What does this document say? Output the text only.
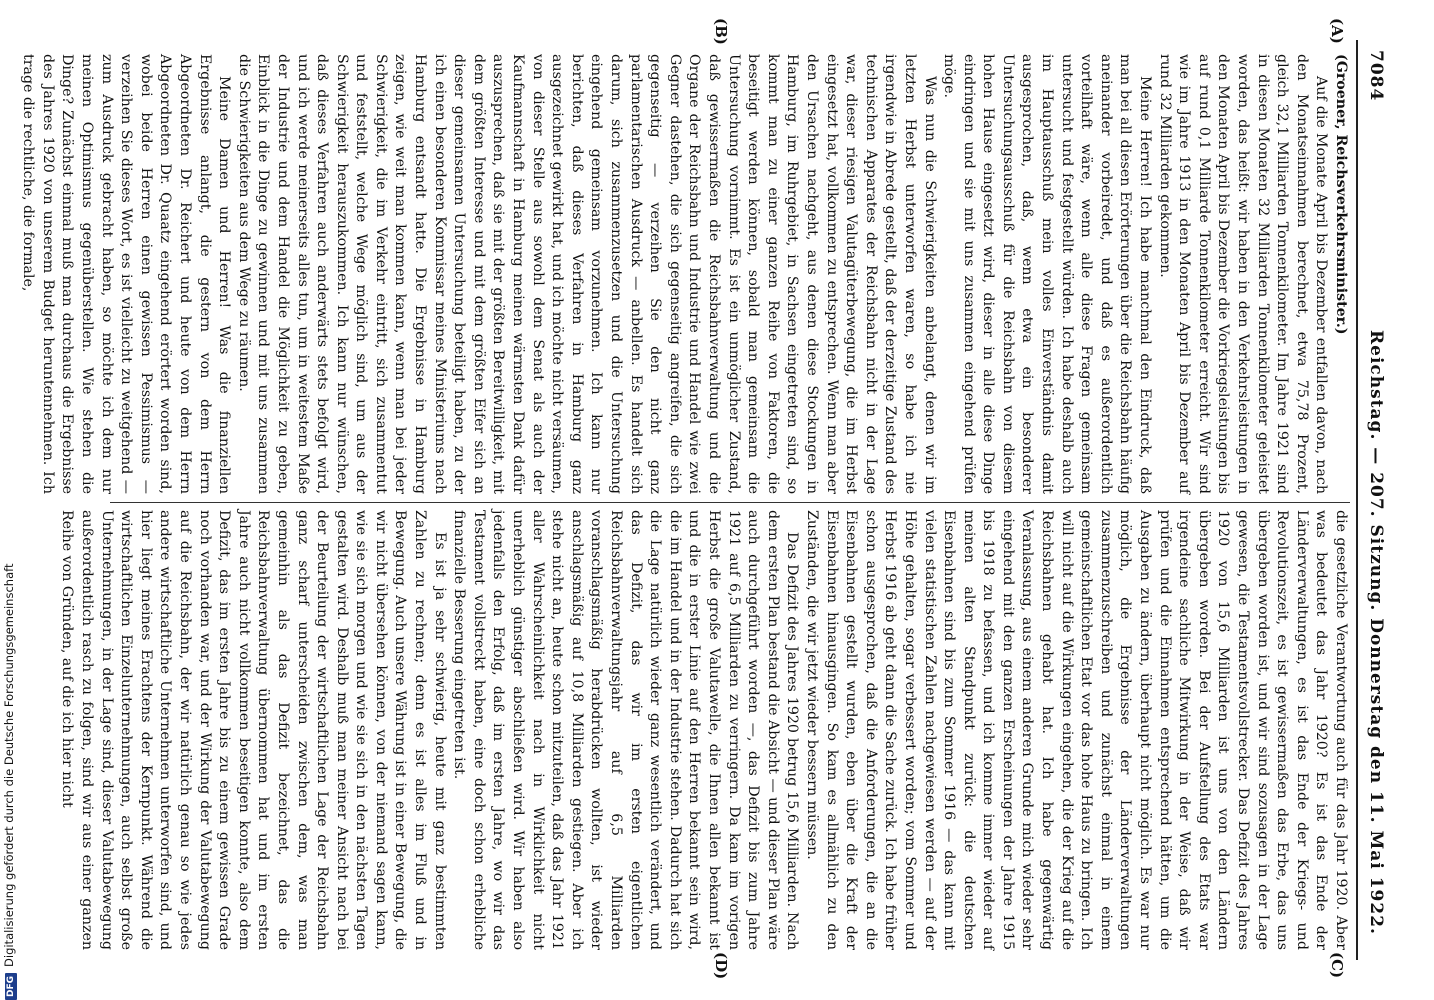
7084
Reichstag. — 207. Sitzung. Donnerstag den 11. Mai 1922.
(A)
(B)
(C)
(D)

(Groener, Reichsverkehrsminister.)

Auf die Monate April bis Dezember entfallen davon, nach den Monatseinnahmen berechnet, etwa 75,78 Prozent, gleich 32,1 Milliarden Tonnenkilometer. Im Jahre 1921 sind in diesen Monaten 32 Milliarden Tonnenkilometer geleistet worden, das heißt: wir haben in den Verkehrsleistungen in den Monaten April bis Dezember die Vorkriegsleistungen bis auf rund 0,1 Milliarde Tonnenkilometer erreicht. Wir sind wie im Jahre 1913 in den Monaten April bis Dezember auf rund 32 Milliarden gekommen.

Meine Herren! Ich habe manchmal den Eindruck, daß man bei all diesen Erörterungen über die Reichsbahn häufig aneinander vorbeiredet, und daß es außerordentlich vorteilhaft wäre, wenn alle diese Fragen gemeinsam untersucht und festgestellt würden. Ich habe deshalb auch im Hauptausschuß mein volles Einverständnis damit ausgesprochen, daß, wenn etwa ein besonderer Untersuchungsausschuß für die Reichsbahn von diesem hohen Hause eingesetzt wird, dieser in alle diese Dinge eindringen und sie mit uns zusammen eingehend prüfen möge.

Was nun die Schwierigkeiten anbelangt, denen wir im letzten Herbst unterworfen waren, so habe ich nie irgendwie in Abrede gestellt, daß der derzeitige Zustand des technischen Apparates der Reichsbahn nicht in der Lage war, dieser riesigen Valutagüterbewegung, die im Herbst eingesetzt hat, vollkommen zu entsprechen. Wenn man aber den Ursachen nachgeht, aus denen diese Stockungen in Hamburg, im Ruhrgebiet, in Sachsen eingetreten sind, so kommt man zu einer ganzen Reihe von Faktoren, die beseitigt werden können, sobald man gemeinsam die Untersuchung vornimmt. Es ist ein unmöglicher Zustand, daß gewissermaßen die Reichsbahnverwaltung und die Organe der Reichsbahn und Industrie und Handel wie zwei Gegner dastehen, die sich gegenseitig angreifen, die sich gegenseitig — verzeihen Sie den nicht ganz parlamentarischen Ausdruck — anbellen. Es handelt sich darum, sich zusammenzusetzen und die Untersuchung eingehend gemeinsam vorzunehmen. Ich kann nur berichten, daß dieses Verfahren in Hamburg ganz ausgezeichnet gewirkt hat, und ich möchte nicht versäumen, von dieser Stelle aus sowohl dem Senat als auch der Kaufmannschaft in Hamburg meinen wärmsten Dank dafür auszusprechen, daß sie mit der größten Bereitwilligkeit, mit dem größten Interesse und mit dem größten Eifer sich an dieser gemeinsamen Untersuchung beteiligt haben, zu der ich einen besonderen Kommissar meines Ministeriums nach Hamburg entsandt hatte. Die Ergebnisse in Hamburg zeigen, wie weit man kommen kann, wenn man bei jeder Schwierigkeit, die im Verkehr eintritt, sich zusammentut und feststellt, welche Wege möglich sind, um aus der Schwierigkeit herauszukommen. Ich kann nur wünschen, daß dieses Verfahren auch anderwärts stets befolgt wird, und ich werde meinerseits alles tun, um in weitestem Maße der Industrie und dem Handel die Möglichkeit zu geben, Einblick in die Dinge zu gewinnen und mit uns zusammen die Schwierigkeiten aus dem Wege zu räumen.

Meine Damen und Herren! Was die finanziellen Ergebnisse anlangt, die gestern von dem Herrn Abgeordneten Dr. Reichert und heute von dem Herrn Abgeordneten Dr. Quaatz eingehend erörtert worden sind, wobei beide Herren einen gewissen Pessimismus — verzeihen Sie dieses Wort, es ist vielleicht zu weitgehend — zum Ausdruck gebracht haben, so möchte ich dem nur meinen Optimismus gegenüberstellen. Wie stehen die Dinge? Zunächst einmal muß man durchaus die Ergebnisse des Jahres 1920 von unserem Budget heruntennehmen. Ich trage die rechtliche, die formale,

die gesetzliche Verantwortung auch für das Jahr 1920. Aber was bedeutet das Jahr 1920? Es ist das Ende der Länderverwaltungen, es ist das Ende der Kriegs- und Revolutionszeit, es ist gewissermaßen das Erbe, das uns übergeben worden ist, und wir sind sozusagen in der Lage gewesen, die Testamentsvollstrecker. Das Defizit des Jahres 1920 von 15,6 Milliarden ist uns von den Ländern übergeben worden. Bei der Aufstellung des Etats war irgendeine sachliche Mitwirkung in der Weise, daß wir prüfen und die Einnahmen entsprechend hätten, um die Ausgaben zu ändern, überhaupt nicht möglich. Es war nur möglich, die Ergebnisse der Länderverwaltungen zusammenzuschreiben und zunächst einmal in einem gemeinschaftlichen Etat vor das hohe Haus zu bringen. Ich will nicht auf die Wirkungen eingehen, die der Krieg auf die Reichsbahnen gehabt hat. Ich habe gegenwärtig Veranlassung, aus einem anderen Grunde mich wieder sehr eingehend mit den ganzen Erscheinungen der Jahre 1915 bis 1918 zu befassen, und ich komme immer wieder auf meinen alten Standpunkt zurück: die deutschen Eisenbahnen sind bis zum Sommer 1916 — das kann mit vielen statistischen Zahlen nachgewiesen werden — auf der Höhe gehalten, sogar verbessert worden; vom Sommer und Herbst 1916 ab geht dann die Sache zurück. Ich habe früher schon ausgesprochen, daß die Anforderungen, die an die Eisenbahnen gestellt wurden, eben über die Kraft der Eisenbahnen hinausgingen. So kam es allmählich zu den Zuständen, die wir jetzt wieder bessern müssen.

Das Defizit des Jahres 1920 betrug 15,6 Milliarden. Nach dem ersten Plan bestand die Absicht — und dieser Plan wäre auch durchgeführt worden —, das Defizit bis zum Jahre 1921 auf 6,5 Milliarden zu verringern. Da kam im vorigen Herbst die große Valutawelle, die Ihnen allen bekannt ist und die in erster Linie auf den Herren bekannt sein wird, die im Handel und in der Industrie stehen. Dadurch hat sich die Lage natürlich wieder ganz wesentlich verändert, und das Defizit, das wir im ersten eigentlichen Reichsbahnverwaltungsjahr auf 6,5 Milliarden voranschlagsmäßig herabdrücken wollten, ist wieder anschlagsmäßig auf 10,8 Milliarden gestiegen. Aber ich stehe nicht an, heute schon mitzuteilen, daß das Jahr 1921 aller Wahrscheinlichkeit nach in Wirklichkeit nicht unerheblich günstiger abschließen wird. Wir haben also jedenfalls den Erfolg, daß im ersten Jahre, wo wir das Testament vollstreckt haben, eine doch schon erhebliche finanzielle Besserung eingetreten ist.

Es ist ja sehr schwierig, heute mit ganz bestimmten Zahlen zu rechnen; denn es ist alles im Fluß und in Bewegung. Auch unsere Währung ist in einer Bewegung, die wir nicht übersehen können, von der niemand sagen kann, wie sie sich morgen und wie sie sich in den nächsten Tagen gestalten wird. Deshalb muß man meiner Ansicht nach bei der Beurteilung der wirtschaftlichen Lage der Reichsbahn ganz scharf unterscheiden zwischen dem, was man gemeinhin als das Defizit bezeichnet, das die Reichsbahnverwaltung übernommen hat und im ersten Jahre auch nicht vollkommen beseitigen konnte, also dem Defizit, das im ersten Jahre bis zu einem gewissen Grade noch vorhanden war, und der Wirkung der Valutabewegung auf die Reichsbahn, der wir natürlich genau so wie jedes andere wirtschaftliche Unternehmen unterworfen sind, und hier liegt meines Erachtens der Kernpunkt. Während die wirtschaftlichen Einzelunternehmungen, auch selbst große Unternehmungen, in der Lage sind, dieser Valutabewegung außerordentlich rasch zu folgen, sind wir aus einer ganzen Reihe von Gründen, auf die ich hier nicht

DFGDigitalisierung gefördert durch die Deutsche Forschungsgemeinschaft
